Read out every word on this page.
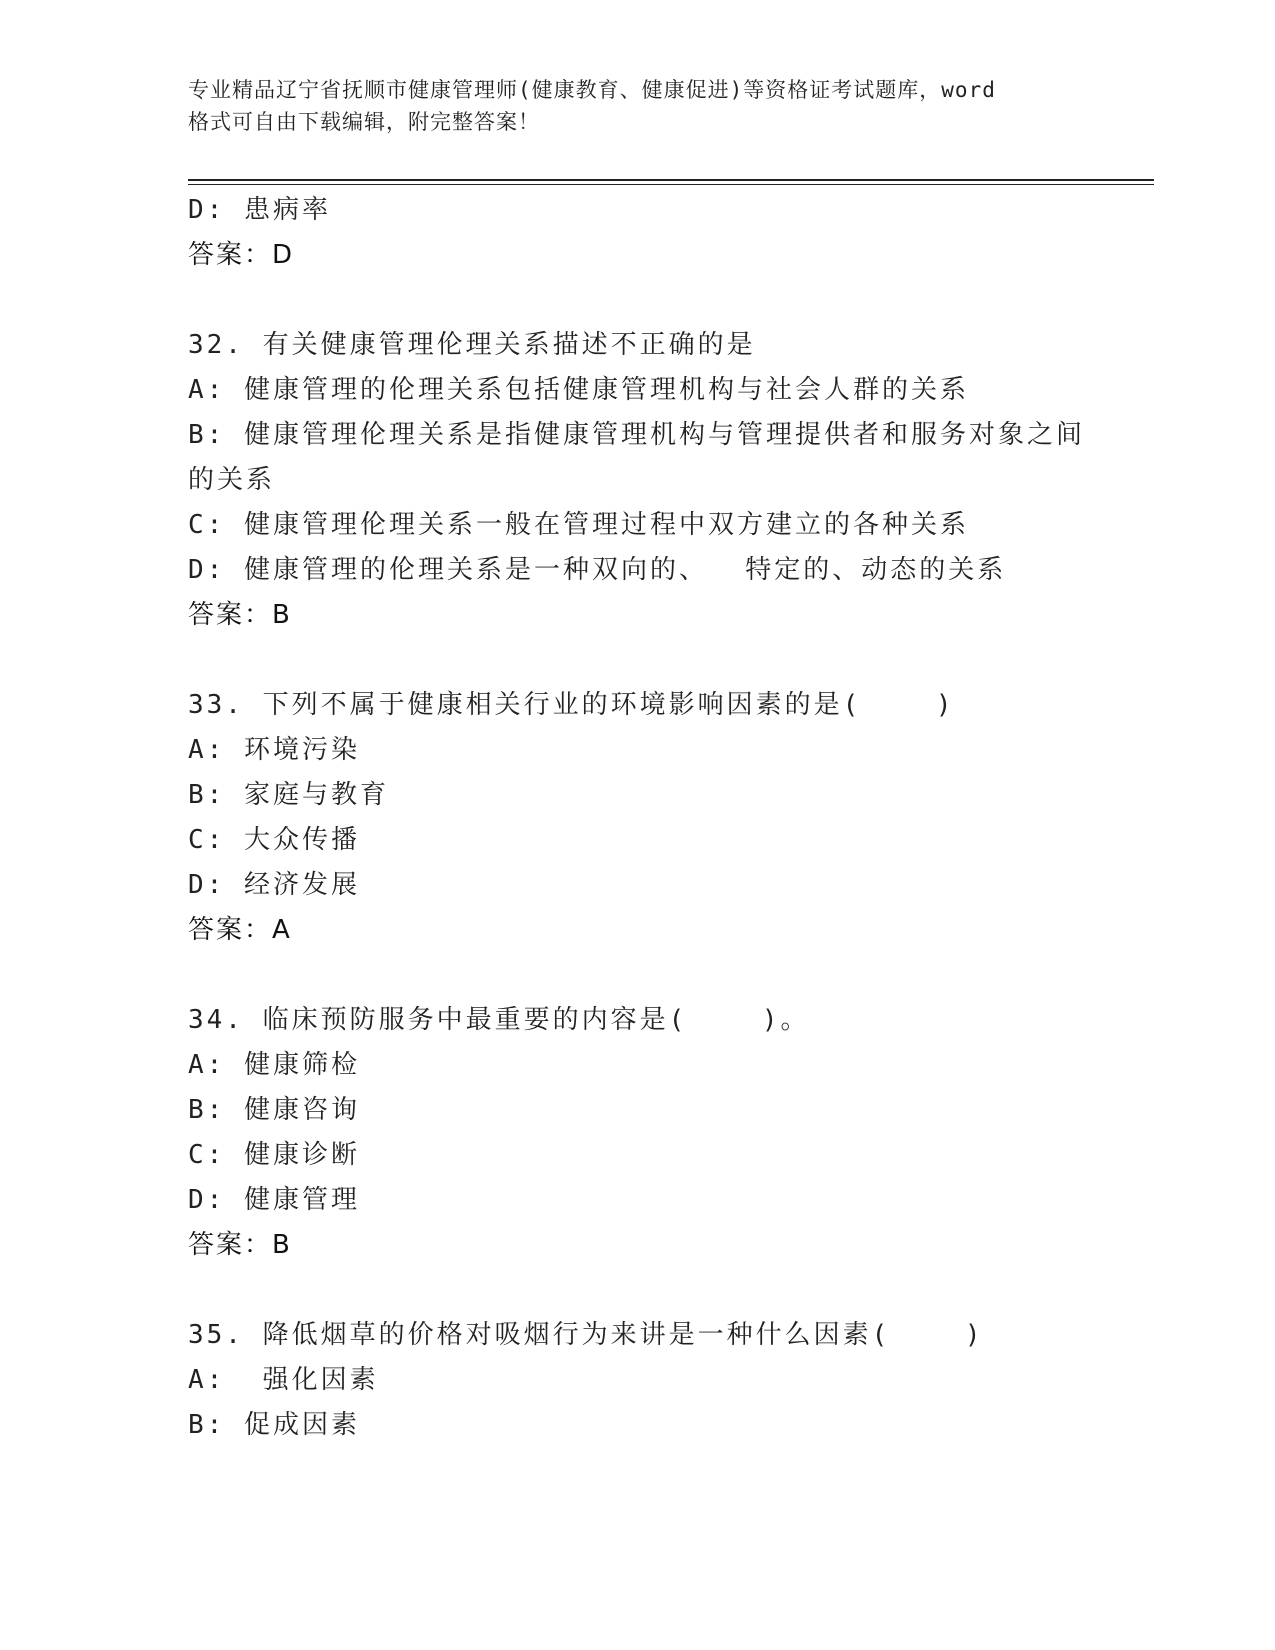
专业精品辽宁省抚顺市健康管理师(健康教育、健康促进)等资格证考试题库，word
格式可自由下载编辑，附完整答案！

D: 患病率

答案：D

32. 有关健康管理伦理关系描述不正确的是

A: 健康管理的伦理关系包括健康管理机构与社会人群的关系

B: 健康管理伦理关系是指健康管理机构与管理提供者和服务对象之间

的关系

C: 健康管理伦理关系一般在管理过程中双方建立的各种关系

D: 健康管理的伦理关系是一种双向的、  特定的、动态的关系

答案：B

33. 下列不属于健康相关行业的环境影响因素的是(    )

A: 环境污染

B: 家庭与教育

C: 大众传播

D: 经济发展

答案：A

34. 临床预防服务中最重要的内容是(    )。

A: 健康筛检

B: 健康咨询

C: 健康诊断

D: 健康管理

答案：B

35. 降低烟草的价格对吸烟行为来讲是一种什么因素(    )

A:  强化因素

B: 促成因素
